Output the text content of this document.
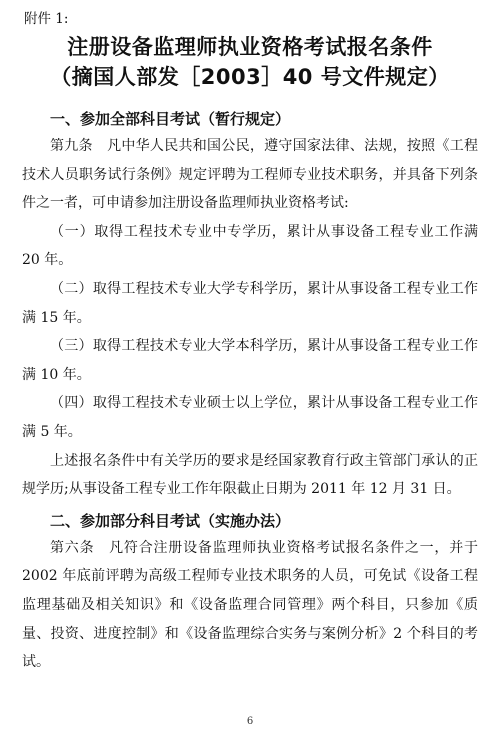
附件 1:
注册设备监理师执业资格考试报名条件
（摘国人部发［2003］40 号文件规定）
一、参加全部科目考试（暂行规定）

第九条　凡中华人民共和国公民，遵守国家法律、法规，按照《工程技术人员职务试行条例》规定评聘为工程师专业技术职务，并具备下列条件之一者，可申请参加注册设备监理师执业资格考试:

（一）取得工程技术专业中专学历，累计从事设备工程专业工作满 20 年。

（二）取得工程技术专业大学专科学历，累计从事设备工程专业工作满 15 年。

（三）取得工程技术专业大学本科学历，累计从事设备工程专业工作满 10 年。

（四）取得工程技术专业硕士以上学位，累计从事设备工程专业工作满 5 年。

上述报名条件中有关学历的要求是经国家教育行政主管部门承认的正规学历;从事设备工程专业工作年限截止日期为 2011 年 12 月 31 日。

二、参加部分科目考试（实施办法）

第六条　凡符合注册设备监理师执业资格考试报名条件之一，并于 2002 年底前评聘为高级工程师专业技术职务的人员，可免试《设备工程监理基础及相关知识》和《设备监理合同管理》两个科目，只参加《质量、投资、进度控制》和《设备监理综合实务与案例分析》2 个科目的考试。

6
